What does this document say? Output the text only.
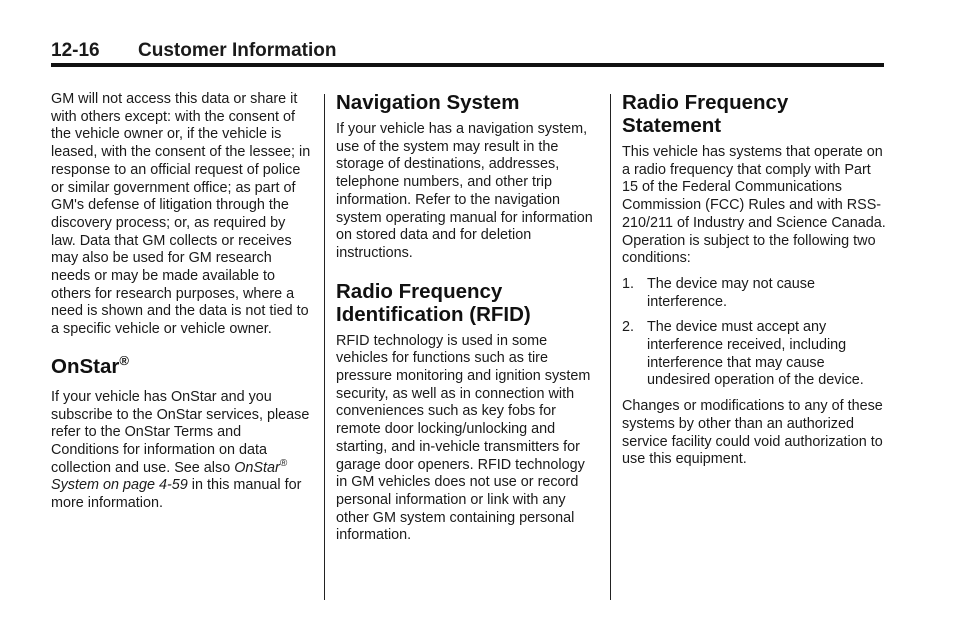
12-16 Customer Information

GM will not access this data or share it with others except: with the consent of the vehicle owner or, if the vehicle is leased, with the consent of the lessee; in response to an official request of police or similar government office; as part of GM's defense of litigation through the discovery process; or, as required by law. Data that GM collects or receives may also be used for GM research needs or may be made available to others for research purposes, where a need is shown and the data is not tied to a specific vehicle or vehicle owner.

OnStar®

If your vehicle has OnStar and you subscribe to the OnStar services, please refer to the OnStar Terms and Conditions for information on data collection and use. See also OnStar® System on page 4-59 in this manual for more information.

Navigation System

If your vehicle has a navigation system, use of the system may result in the storage of destinations, addresses, telephone numbers, and other trip information. Refer to the navigation system operating manual for information on stored data and for deletion instructions.

Radio Frequency Identification (RFID)

RFID technology is used in some vehicles for functions such as tire pressure monitoring and ignition system security, as well as in connection with conveniences such as key fobs for remote door locking/unlocking and starting, and in-vehicle transmitters for garage door openers. RFID technology in GM vehicles does not use or record personal information or link with any other GM system containing personal information.

Radio Frequency Statement

This vehicle has systems that operate on a radio frequency that comply with Part 15 of the Federal Communications Commission (FCC) Rules and with RSS-210/211 of Industry and Science Canada.

Operation is subject to the following two conditions:

1. The device may not cause interference.
2. The device must accept any interference received, including interference that may cause undesired operation of the device.

Changes or modifications to any of these systems by other than an authorized service facility could void authorization to use this equipment.
